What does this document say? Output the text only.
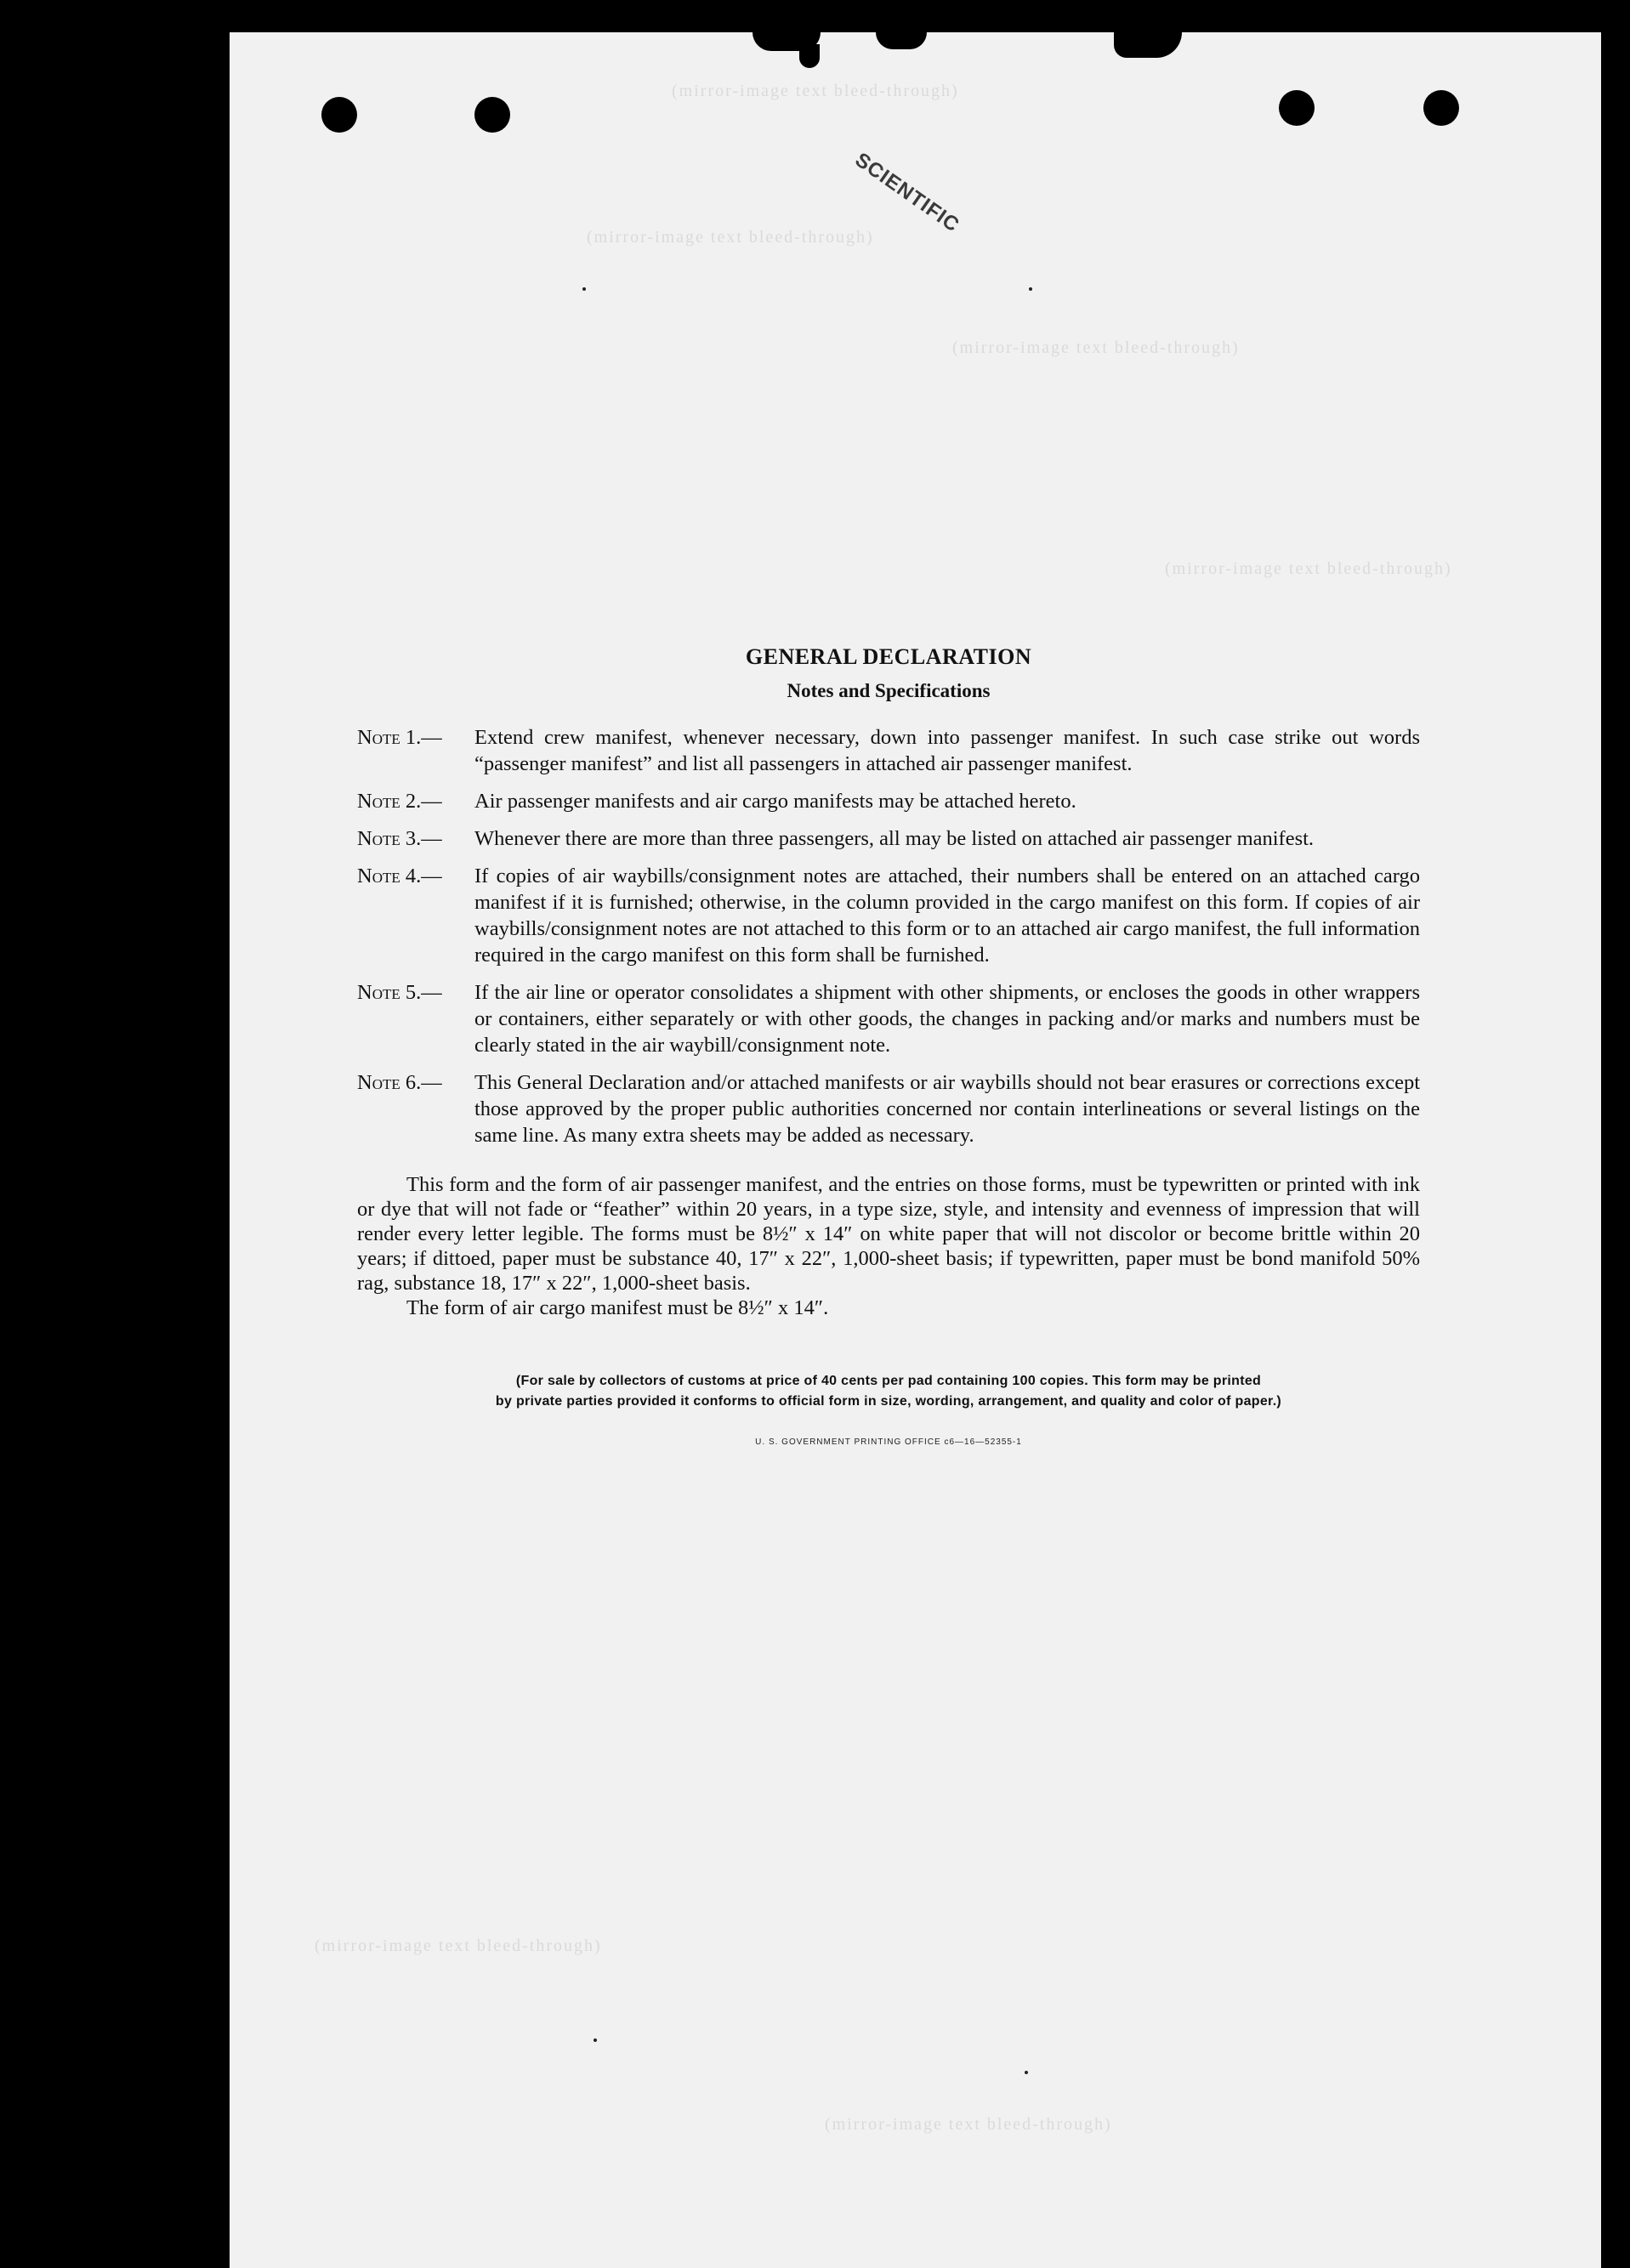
(mirror-image text bleed-through)
(mirror-image text bleed-through)
(mirror-image text bleed-through)
(mirror-image text bleed-through)
(mirror-image text bleed-through)
(mirror-image text bleed-through)
SCIENTIFIC
GENERAL DECLARATION
Notes and Specifications
Note 1.—	Extend crew manifest, whenever necessary, down into passenger manifest. In such case strike out words “passenger manifest” and list all passengers in attached air passenger manifest.
Note 2.—	Air passenger manifests and air cargo manifests may be attached hereto.
Note 3.—	Whenever there are more than three passengers, all may be listed on attached air passenger manifest.
Note 4.—	If copies of air waybills/consignment notes are attached, their numbers shall be entered on an attached cargo manifest if it is furnished; otherwise, in the column provided in the cargo manifest on this form. If copies of air waybills/consignment notes are not attached to this form or to an attached air cargo manifest, the full information required in the cargo manifest on this form shall be furnished.
Note 5.—	If the air line or operator consolidates a shipment with other shipments, or encloses the goods in other wrappers or containers, either separately or with other goods, the changes in packing and/or marks and numbers must be clearly stated in the air waybill/consignment note.
Note 6.—	This General Declaration and/or attached manifests or air waybills should not bear erasures or corrections except those approved by the proper public authorities concerned nor contain interlineations or several listings on the same line. As many extra sheets may be added as necessary.

This form and the form of air passenger manifest, and the entries on those forms, must be typewritten or printed with ink or dye that will not fade or “feather” within 20 years, in a type size, style, and intensity and evenness of impression that will render every letter legible. The forms must be 8½″ x 14″ on white paper that will not discolor or become brittle within 20 years; if dittoed, paper must be substance 40, 17″ x 22″, 1,000-sheet basis; if typewritten, paper must be bond manifold 50% rag, substance 18, 17″ x 22″, 1,000-sheet basis.

The form of air cargo manifest must be 8½″ x 14″.

(For sale by collectors of customs at price of 40 cents per pad containing 100 copies. This form may be printed
by private parties provided it conforms to official form in size, wording, arrangement, and quality and color of paper.)
U. S. GOVERNMENT PRINTING OFFICE c6—16—52355-1
